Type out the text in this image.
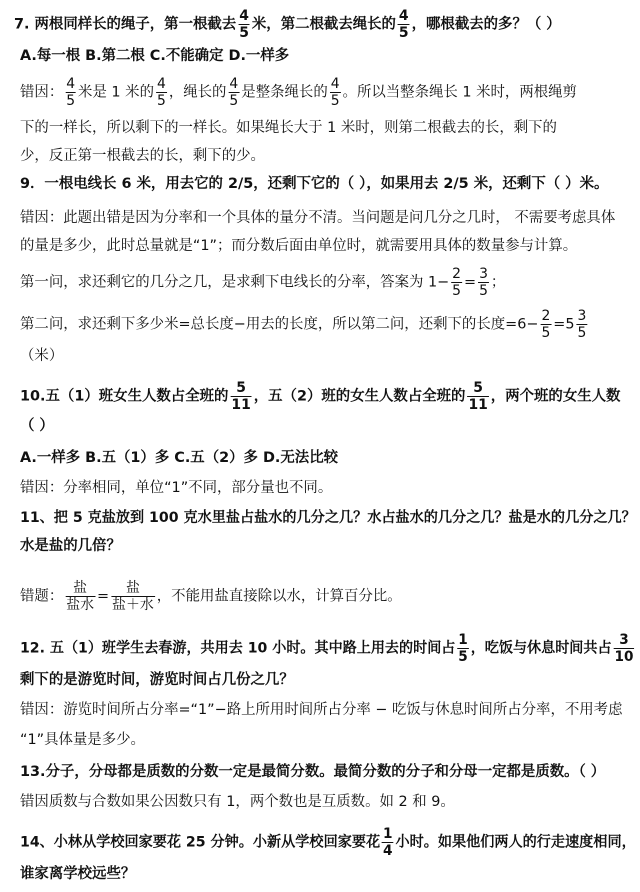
7. 两根同样长的绳子，第一根截去 $\frac{4}{5}$ 米，第二根截去绳长的 $\frac{4}{5}$ ，哪根截去的多？（ ）
A.每一根 B.第二根 C.不能确定 D.一样多
错因： $\frac{4}{5}$ 米是 1 米的 $\frac{4}{5}$ ，绳长的 $\frac{4}{5}$ 是整条绳长的 $\frac{4}{5}$ 。所以当整条绳长 1 米时，两根绳剪
下的一样长，所以剩下的一样长。如果绳长大于 1 米时，则第二根截去的长，剩下的
少，反正第一根截去的长，剩下的少。
9．一根电线长 6 米，用去它的 2/5，还剩下它的（ ），如果用去 2/5 米，还剩下（ ）米。
错因：此题出错是因为分率和一个具体的量分不清。当问题是问几分之几时， 不需要考虑具体
的量是多少，此时总量就是“1”；而分数后面由单位时，就需要用具体的数量参与计算。
第一问，求还剩它的几分之几，是求剩下电线长的分率，答案为 $1- \frac{2}{5} = \frac{3}{5}$ ；
第二问，求还剩下多少米=总长度−用去的长度，所以第二问，还剩下的长度$=6- \frac{2}{5} =5 \frac{3}{5}$
（米）
10.五（1）班女生人数占全班的 $\frac{5}{11}$ ，五（2）班的女生人数占全班的 $\frac{5}{11}$ ，两个班的女生人数
（ ）
A.一样多 B.五（1）多 C.五（2）多 D.无法比较
错因：分率相同，单位“1”不同，部分量也不同。
11、把 5 克盐放到 100 克水里盐占盐水的几分之几？水占盐水的几分之几？盐是水的几分之几？
水是盐的几倍？
错题： $\frac{\text{盐}}{\text{盐水}} = \frac{\text{盐}}{\text{盐＋水}}$ ，不能用盐直接除以水，计算百分比。
12. 五（1）班学生去春游，共用去 10 小时。其中路上用去的时间占 $\frac{1}{5}$ ，吃饭与休息时间共占 $\frac{3}{10}$
剩下的是游览时间，游览时间占几份之几？
错因：游览时间所占分率=“1”−路上所用时间所占分率 − 吃饭与休息时间所占分率，不用考虑
“1”具体量是多少。
13.分子，分母都是质数的分数一定是最简分数。最简分数的分子和分母一定都是质数。（ ）
错因质数与合数如果公因数只有 1，两个数也是互质数。如 2 和 9。
14、小林从学校回家要花 25 分钟。小新从学校回家要花 $\frac{1}{4}$ 小时。如果他们两人的行走速度相同，
谁家离学校远些？
